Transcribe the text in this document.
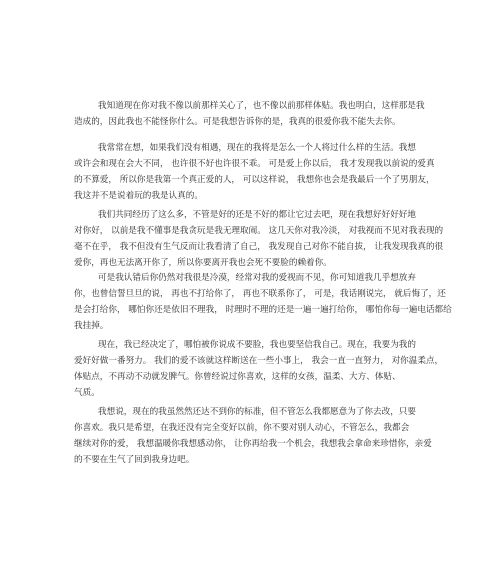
我知道现在你对我不像以前那样关心了，也不像以前那样体贴。我也明白，这样那是我
造成的，因此我也不能怪你什么。可是我想告诉你的是，我真的很爱你我不能失去你。
我常常在想，如果我们没有相遇，现在的我将是怎么一个人将过什么样的生活。我想
或许会和现在会大不同， 也许很不好也许很不乖。 可是爱上你以后， 我才发现我以前说的爱真
的不算爱， 所以你是我第一个真正爱的人， 可以这样说， 我想你也会是我最后一个了男朋友，
我这并不是说着玩的我是认真的。
我们共同经历了这么多，不管是好的还是不好的都让它过去吧，现在我想好好好好地
对你好， 以前是我不懂事是我贪玩是我无理取闹。 这几天你对我冷淡， 对我视而不见对我表现的
毫不在乎， 我不但没有生气反而让我看清了自己， 我发现自己对你不能自拔， 让我发现我真的很
爱你，再也无法离开你了，所以你要离开我也会死不要脸的赖着你。
可是我认错后你仍然对我很是冷漠，经常对我的爱视而不见，你可知道我几乎想放弃
你，也曾信誓旦旦的说， 再也不打给你了， 再也不联系你了， 可是，我话刚说完， 就后悔了，还
是会打给你， 哪怕你还是依旧不理我， 时理时不理的还是一遍一遍打给你， 哪怕你每一遍电话都给
我挂掉。
现在，我已经决定了，哪怕被你说成不要脸，我也要坚信我自己。现在，我要为我的
爱好好做一番努力。 我们的爱不该就这样断送在一些小事上， 我会一直一直努力， 对你温柔点，
体贴点，不再动不动就发脾气。你曾经说过你喜欢，这样的女孩，温柔、大方、体贴、
气质。
我想说，现在的我虽然然还达不到你的标准，但不管怎么我都愿意为了你去改，只要
你喜欢。我只是希望，在我还没有完全变好以前，你不要对别人动心，不管怎么，我都会
继续对你的爱， 我想温暖你我想感动你， 让你再给我一个机会，我想我会拿命来珍惜你，亲爱
的不要在生气了回到我身边吧。
